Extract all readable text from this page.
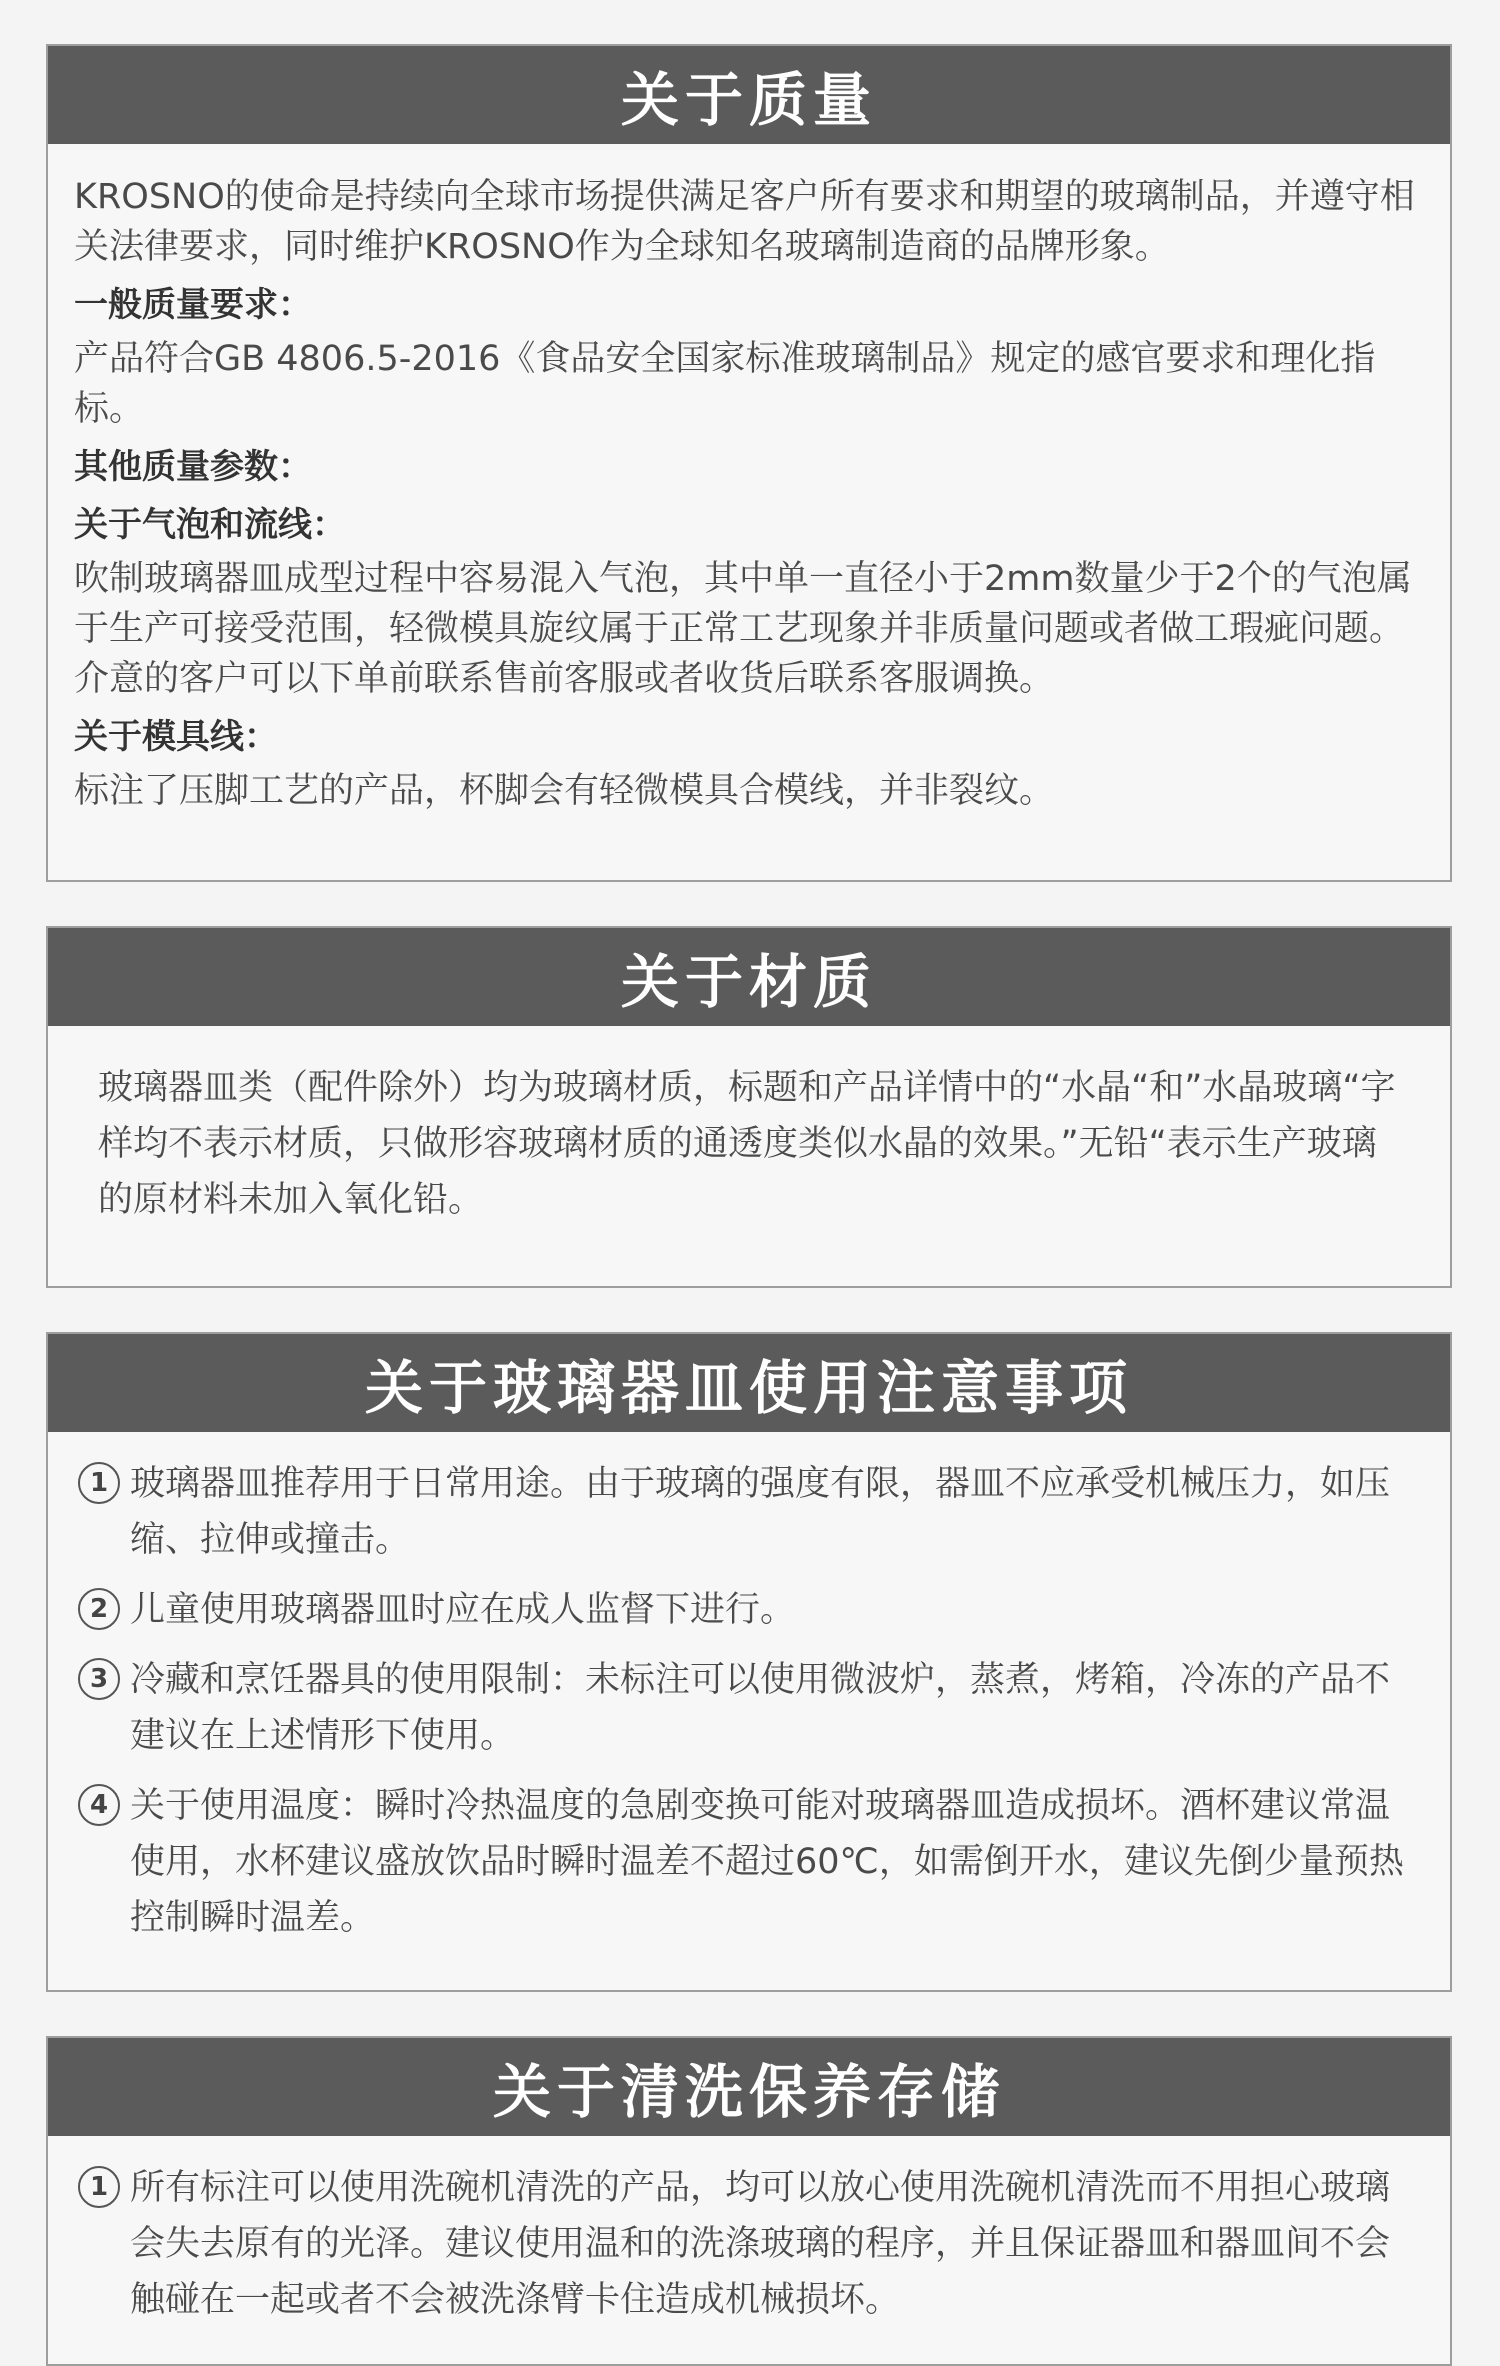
关于质量

KROSNO的使命是持续向全球市场提供满足客户所有要求和期望的玻璃制品，并遵守相关法律要求，同时维护KROSNO作为全球知名玻璃制造商的品牌形象。

一般质量要求：

产品符合GB 4806.5-2016《食品安全国家标准玻璃制品》规定的感官要求和理化指标。

其他质量参数：
关于气泡和流线：

吹制玻璃器皿成型过程中容易混入气泡，其中单一直径小于2mm数量少于2个的气泡属于生产可接受范围，轻微模具旋纹属于正常工艺现象并非质量问题或者做工瑕疵问题。介意的客户可以下单前联系售前客服或者收货后联系客服调换。

关于模具线：

标注了压脚工艺的产品，杯脚会有轻微模具合模线，并非裂纹。

关于材质

玻璃器皿类（配件除外）均为玻璃材质，标题和产品详情中的“水晶“和”水晶玻璃“字样均不表示材质，只做形容玻璃材质的通透度类似水晶的效果。”无铅“表示生产玻璃的原材料未加入氧化铅。

关于玻璃器皿使用注意事项
1 玻璃器皿推荐用于日常用途。由于玻璃的强度有限，器皿不应承受机械压力，如压缩、拉伸或撞击。
2 儿童使用玻璃器皿时应在成人监督下进行。
3 冷藏和烹饪器具的使用限制：未标注可以使用微波炉，蒸煮，烤箱，冷冻的产品不建议在上述情形下使用。
4 关于使用温度：瞬时冷热温度的急剧变换可能对玻璃器皿造成损坏。酒杯建议常温使用，水杯建议盛放饮品时瞬时温差不超过60℃，如需倒开水，建议先倒少量预热控制瞬时温差。
关于清洗保养存储
1 所有标注可以使用洗碗机清洗的产品，均可以放心使用洗碗机清洗而不用担心玻璃会失去原有的光泽。建议使用温和的洗涤玻璃的程序，并且保证器皿和器皿间不会触碰在一起或者不会被洗涤臂卡住造成机械损坏。
